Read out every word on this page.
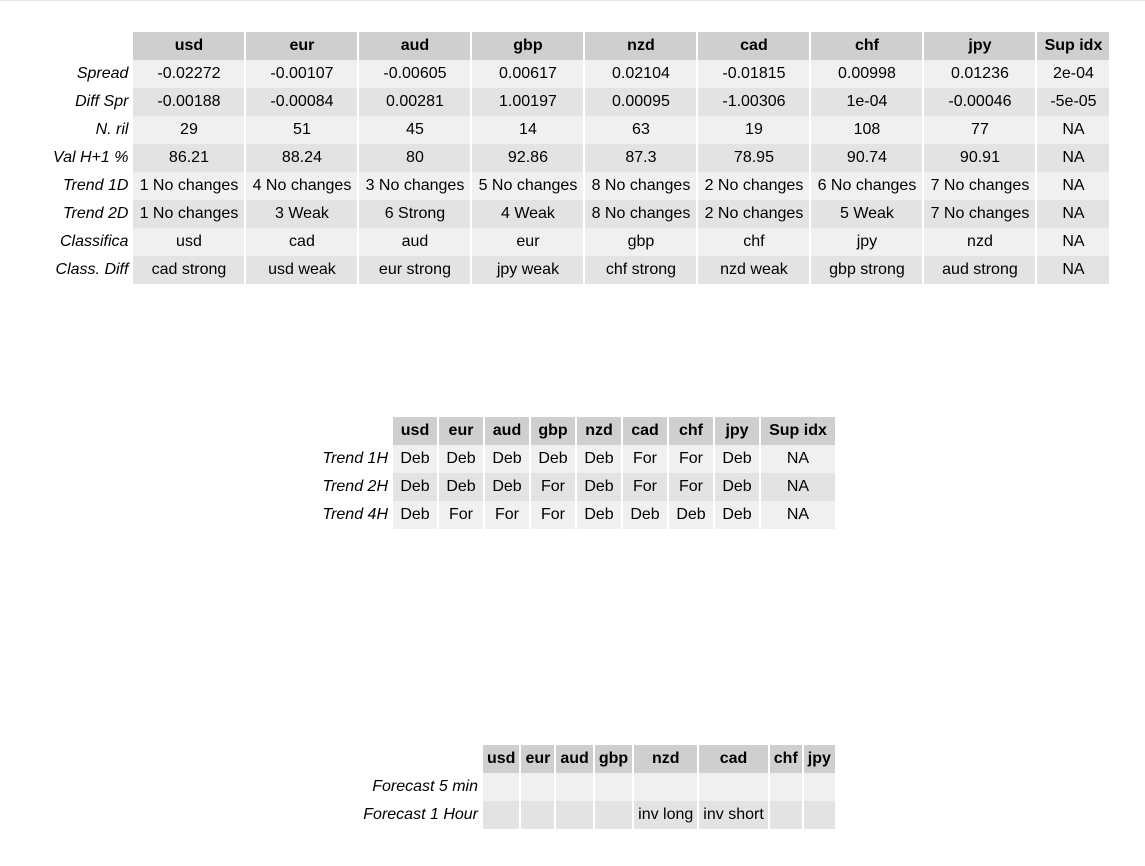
	usd	eur	aud	gbp	nzd	cad	chf	jpy	Sup idx
Spread	-0.02272	-0.00107	-0.00605	0.00617	0.02104	-0.01815	0.00998	0.01236	2e-04
Diff Spr	-0.00188	-0.00084	0.00281	1.00197	0.00095	-1.00306	1e-04	-0.00046	-5e-05
N. ril	29	51	45	14	63	19	108	77	NA
Val H+1 %	86.21	88.24	80	92.86	87.3	78.95	90.74	90.91	NA
Trend 1D	1 No changes	4 No changes	3 No changes	5 No changes	8 No changes	2 No changes	6 No changes	7 No changes	NA
Trend 2D	1 No changes	3 Weak	6 Strong	4 Weak	8 No changes	2 No changes	5 Weak	7 No changes	NA
Classifica	usd	cad	aud	eur	gbp	chf	jpy	nzd	NA
Class. Diff	cad strong	usd weak	eur strong	jpy weak	chf strong	nzd weak	gbp strong	aud strong	NA
	usd	eur	aud	gbp	nzd	cad	chf	jpy	Sup idx
Trend 1H	Deb	Deb	Deb	Deb	Deb	For	For	Deb	NA
Trend 2H	Deb	Deb	Deb	For	Deb	For	For	Deb	NA
Trend 4H	Deb	For	For	For	Deb	Deb	Deb	Deb	NA
	usd	eur	aud	gbp	nzd	cad	chf	jpy
Forecast 5 min								
Forecast 1 Hour					inv long	inv short		
